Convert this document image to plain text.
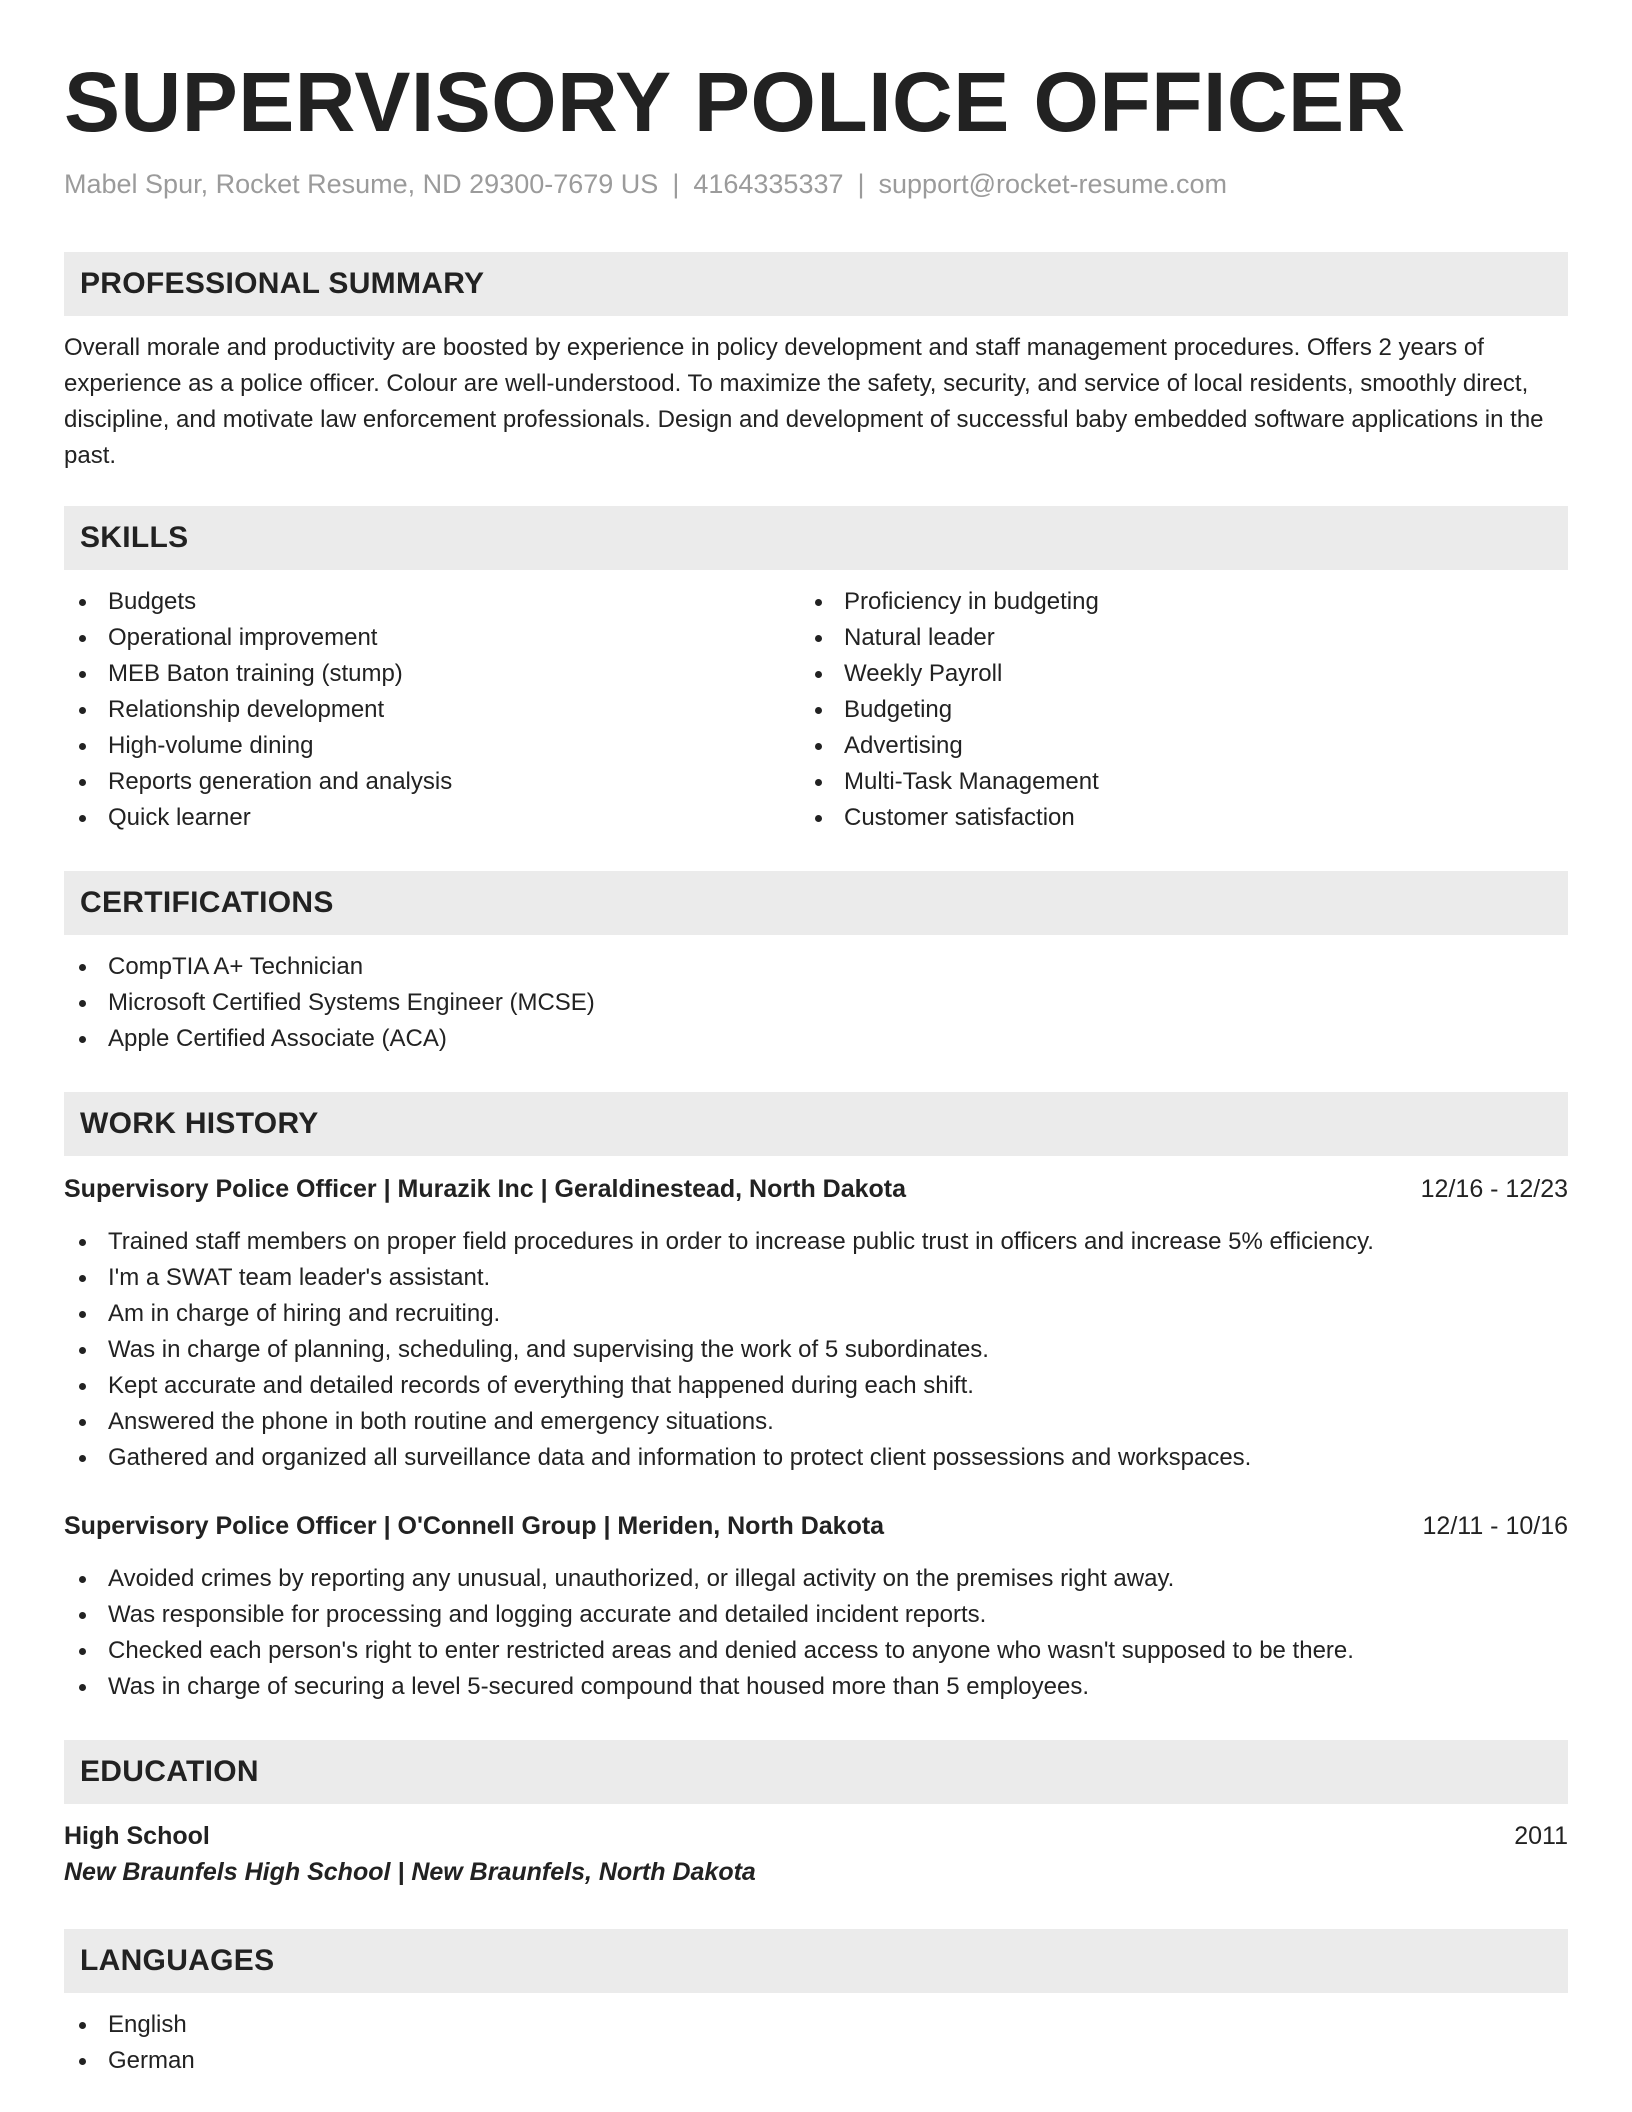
SUPERVISORY POLICE OFFICER
Mabel Spur, Rocket Resume, ND 29300-7679 US | 4164335337 | support@rocket-resume.com
PROFESSIONAL SUMMARY
Overall morale and productivity are boosted by experience in policy development and staff management procedures. Offers 2 years of experience as a police officer. Colour are well-understood. To maximize the safety, security, and service of local residents, smoothly direct, discipline, and motivate law enforcement professionals. Design and development of successful baby embedded software applications in the past.
SKILLS
Budgets
Operational improvement
MEB Baton training (stump)
Relationship development
High-volume dining
Reports generation and analysis
Quick learner
Proficiency in budgeting
Natural leader
Weekly Payroll
Budgeting
Advertising
Multi-Task Management
Customer satisfaction
CERTIFICATIONS
CompTIA A+ Technician
Microsoft Certified Systems Engineer (MCSE)
Apple Certified Associate (ACA)
WORK HISTORY
Supervisory Police Officer | Murazik Inc | Geraldinestead, North Dakota	12/16 - 12/23
Trained staff members on proper field procedures in order to increase public trust in officers and increase 5% efficiency.
I'm a SWAT team leader's assistant.
Am in charge of hiring and recruiting.
Was in charge of planning, scheduling, and supervising the work of 5 subordinates.
Kept accurate and detailed records of everything that happened during each shift.
Answered the phone in both routine and emergency situations.
Gathered and organized all surveillance data and information to protect client possessions and workspaces.
Supervisory Police Officer | O'Connell Group | Meriden, North Dakota	12/11 - 10/16
Avoided crimes by reporting any unusual, unauthorized, or illegal activity on the premises right away.
Was responsible for processing and logging accurate and detailed incident reports.
Checked each person's right to enter restricted areas and denied access to anyone who wasn't supposed to be there.
Was in charge of securing a level 5-secured compound that housed more than 5 employees.
EDUCATION
High School	2011
New Braunfels High School | New Braunfels, North Dakota
LANGUAGES
English
German
